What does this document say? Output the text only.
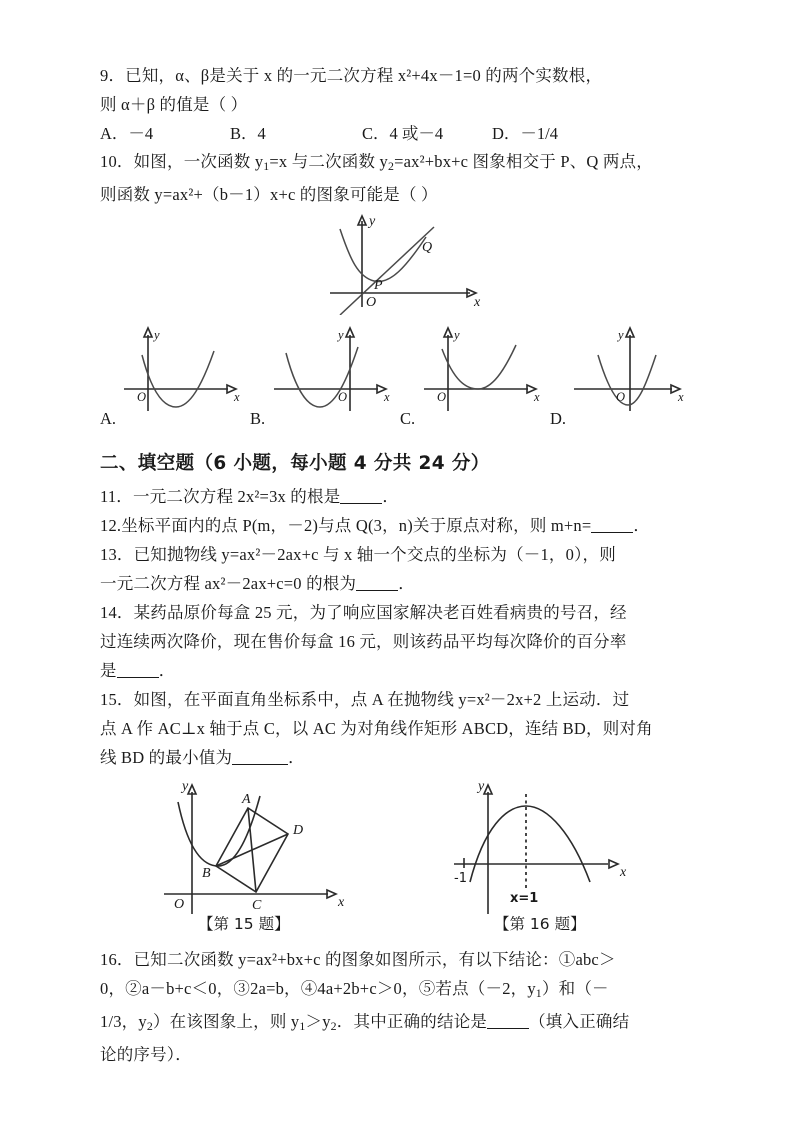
9．已知，α、β是关于 x 的一元二次方程 x²+4x－1=0 的两个实数根，
则 α＋β 的值是（ ）
A．－4	B．4	C．4 或－4	D．－1/4
10．如图，一次函数 $y_1=x$ 与二次函数 $y_2=ax^2+bx+c$ 图象相交于 P、Q 两点，
则函数 y=ax²+（b－1）x+c 的图象可能是（ ）
y
x
O
P
Q
A.
y
x
O
B.
y
x
O
C.
y
x
O
D.
y
x
O
二、填空题（6 小题，每小题 4 分共 24 分）
11．一元二次方程 2x²=3x 的根是	．
12.坐标平面内的点 P(m，－2)与点 Q(3，n)关于原点对称，则 m+n=	．
13．已知抛物线 y=ax²－2ax+c 与 x 轴一个交点的坐标为（－1，0），则
一元二次方程 ax²－2ax+c=0 的根为	．
14．某药品原价每盒 25 元，为了响应国家解决老百姓看病贵的号召，经
过连续两次降价，现在售价每盒 16 元，则该药品平均每次降价的百分率
是	．
15．如图，在平面直角坐标系中，点 A 在抛物线 y=x²－2x+2 上运动．过
点 A 作 AC⊥x 轴于点 C，以 AC 为对角线作矩形 ABCD，连结 BD，则对角
线 BD 的最小值为	．
y
x
O
A
B
C
D
【第 15 题】
y
x
-1
x=1
【第 16 题】
16．已知二次函数 y=ax²+bx+c 的图象如图所示，有以下结论：①abc＞
0，②a－b+c＜0，③2a=b，④4a+2b+c＞0，⑤若点（－2，$y_1$）和（－
1/3，$y_2$）在该图象上，则 $y_1>y_2$．其中正确的结论是	（填入正确结
论的序号）．
